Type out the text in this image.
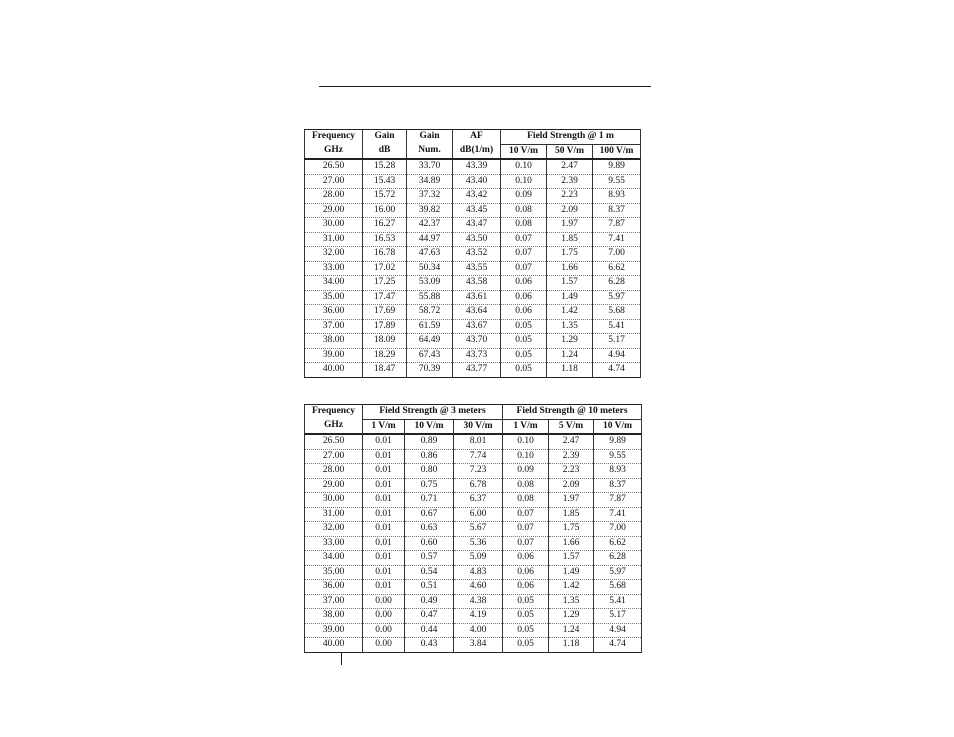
Frequency	Gain	Gain	AF	Field Strength @ 1 m		
GHz	dB	Num.	dB(1/m)	10 V/m	50 V/m	100 V/m
26.50	15.28	33.70	43.39	0.10	2.47	9.89
27.00	15.43	34.89	43.40	0.10	2.39	9.55
28.00	15.72	37.32	43.42	0.09	2.23	8.93
29.00	16.00	39.82	43.45	0.08	2.09	8.37
30.00	16.27	42.37	43.47	0.08	1.97	7.87
31.00	16.53	44.97	43.50	0.07	1.85	7.41
32.00	16.78	47.63	43.52	0.07	1.75	7.00
33.00	17.02	50.34	43.55	0.07	1.66	6.62
34.00	17.25	53.09	43.58	0.06	1.57	6.28
35.00	17.47	55.88	43.61	0.06	1.49	5.97
36.00	17.69	58.72	43.64	0.06	1.42	5.68
37.00	17.89	61.59	43.67	0.05	1.35	5.41
38.00	18.09	64.49	43.70	0.05	1.29	5.17
39.00	18.29	67.43	43.73	0.05	1.24	4.94
40.00	18.47	70.39	43.77	0.05	1.18	4.74
Frequency	Field Strength @ 3 meters			Field Strength @ 10 meters		
GHz	1 V/m	10 V/m	30 V/m	1 V/m	5 V/m	10 V/m
26.50	0.01	0.89	8.01	0.10	2.47	9.89
27.00	0.01	0.86	7.74	0.10	2.39	9.55
28.00	0.01	0.80	7.23	0.09	2.23	8.93
29.00	0.01	0.75	6.78	0.08	2.09	8.37
30.00	0.01	0.71	6.37	0.08	1.97	7.87
31.00	0.01	0.67	6.00	0.07	1.85	7.41
32.00	0.01	0.63	5.67	0.07	1.75	7.00
33.00	0.01	0.60	5.36	0.07	1.66	6.62
34.00	0.01	0.57	5.09	0.06	1.57	6.28
35.00	0.01	0.54	4.83	0.06	1.49	5.97
36.00	0.01	0.51	4.60	0.06	1.42	5.68
37.00	0.00	0.49	4.38	0.05	1.35	5.41
38.00	0.00	0.47	4.19	0.05	1.29	5.17
39.00	0.00	0.44	4.00	0.05	1.24	4.94
40.00	0.00	0.43	3.84	0.05	1.18	4.74
